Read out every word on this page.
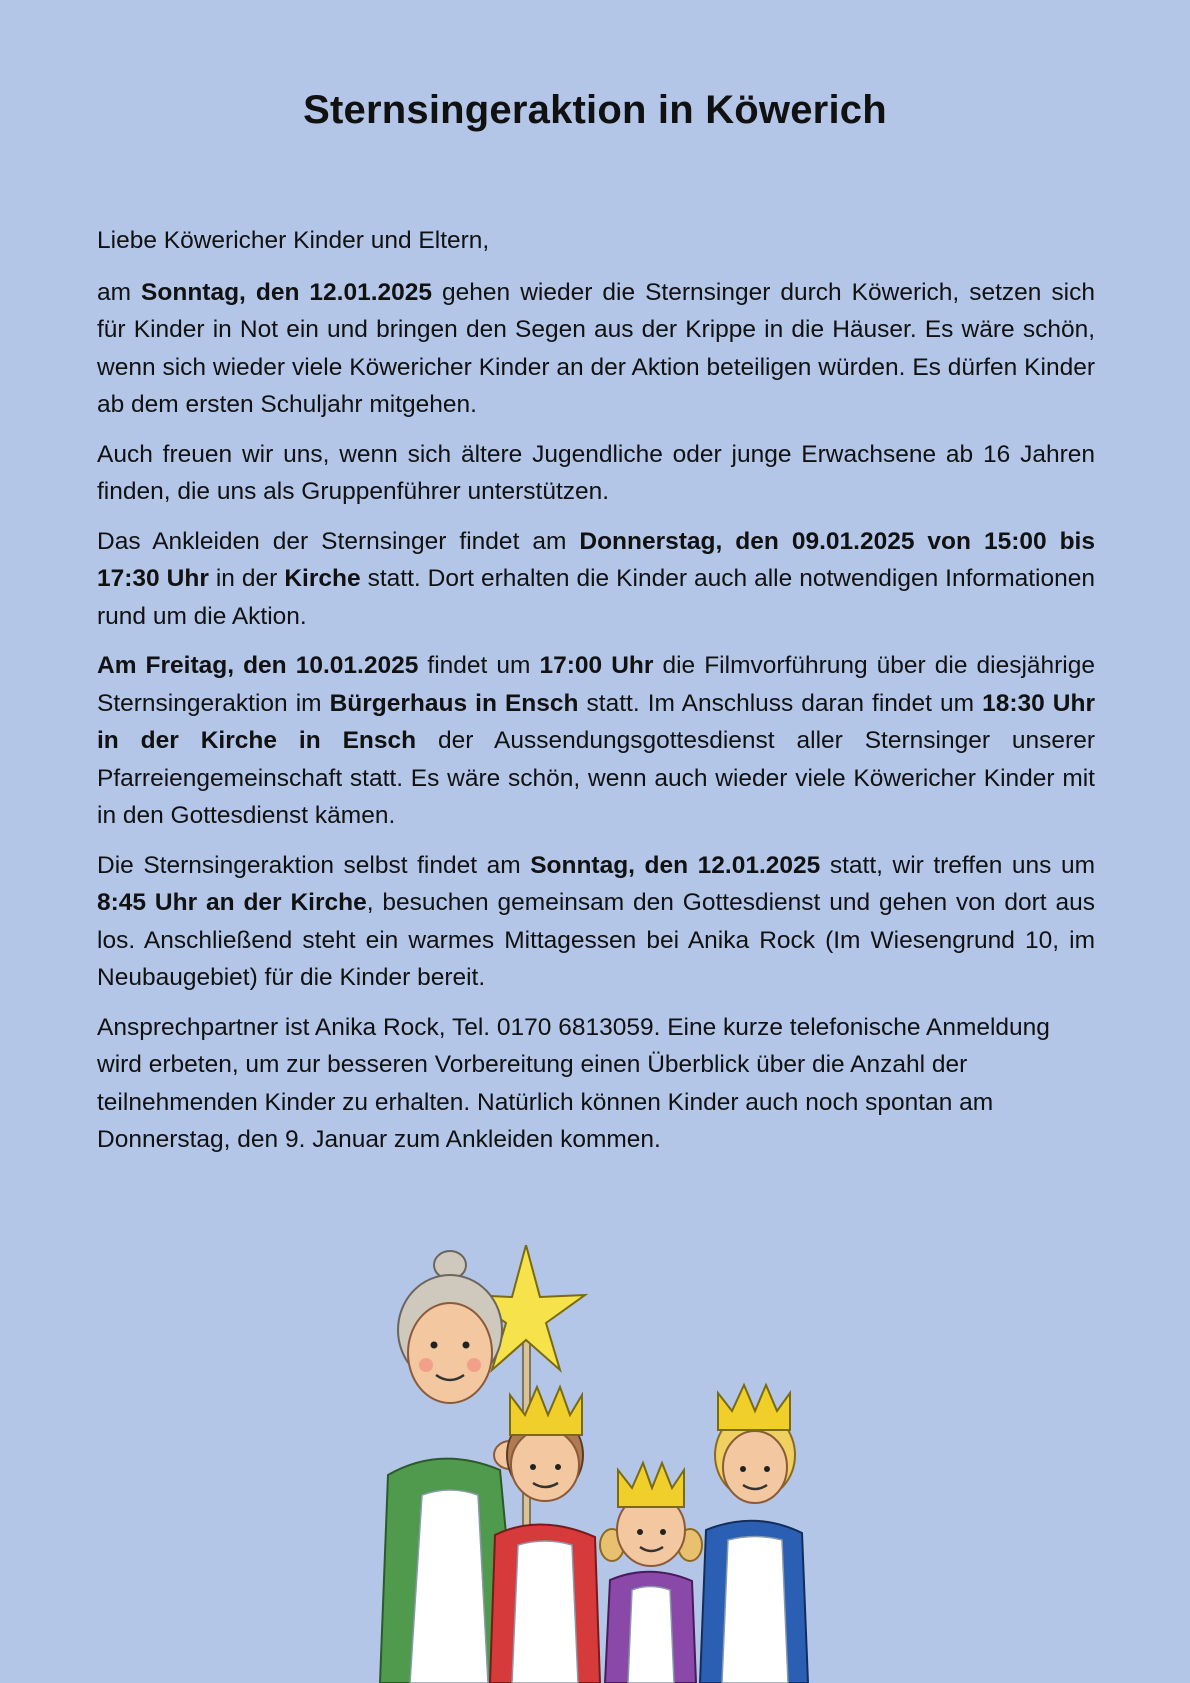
Sternsingeraktion in Köwerich

Liebe Köwericher Kinder und Eltern,

am Sonntag, den 12.01.2025 gehen wieder die Sternsinger durch Köwerich, setzen sich für Kinder in Not ein und bringen den Segen aus der Krippe in die Häuser. Es wäre schön, wenn sich wieder viele Köwericher Kinder an der Aktion beteiligen würden. Es dürfen Kinder ab dem ersten Schuljahr mitgehen.

Auch freuen wir uns, wenn sich ältere Jugendliche oder junge Erwachsene ab 16 Jahren finden, die uns als Gruppenführer unterstützen.

Das Ankleiden der Sternsinger findet am Donnerstag, den 09.01.2025 von 15:00 bis 17:30 Uhr in der Kirche statt. Dort erhalten die Kinder auch alle notwendigen Informationen rund um die Aktion.

Am Freitag, den 10.01.2025 findet um 17:00 Uhr die Filmvorführung über die diesjährige Sternsingeraktion im Bürgerhaus in Ensch statt. Im Anschluss daran findet um 18:30 Uhr in der Kirche in Ensch der Aussendungsgottesdienst aller Sternsinger unserer Pfarreiengemeinschaft statt. Es wäre schön, wenn auch wieder viele Köwericher Kinder mit in den Gottesdienst kämen.

Die Sternsingeraktion selbst findet am Sonntag, den 12.01.2025 statt, wir treffen uns um 8:45 Uhr an der Kirche, besuchen gemeinsam den Gottesdienst und gehen von dort aus los. Anschließend steht ein warmes Mittagessen bei Anika Rock (Im Wiesengrund 10, im Neubaugebiet) für die Kinder bereit.

Ansprechpartner ist Anika Rock, Tel. 0170 6813059. Eine kurze telefonische Anmeldung wird erbeten, um zur besseren Vorbereitung einen Überblick über die Anzahl der teilnehmenden Kinder zu erhalten. Natürlich können Kinder auch noch spontan am Donnerstag, den 9. Januar zum Ankleiden kommen.
